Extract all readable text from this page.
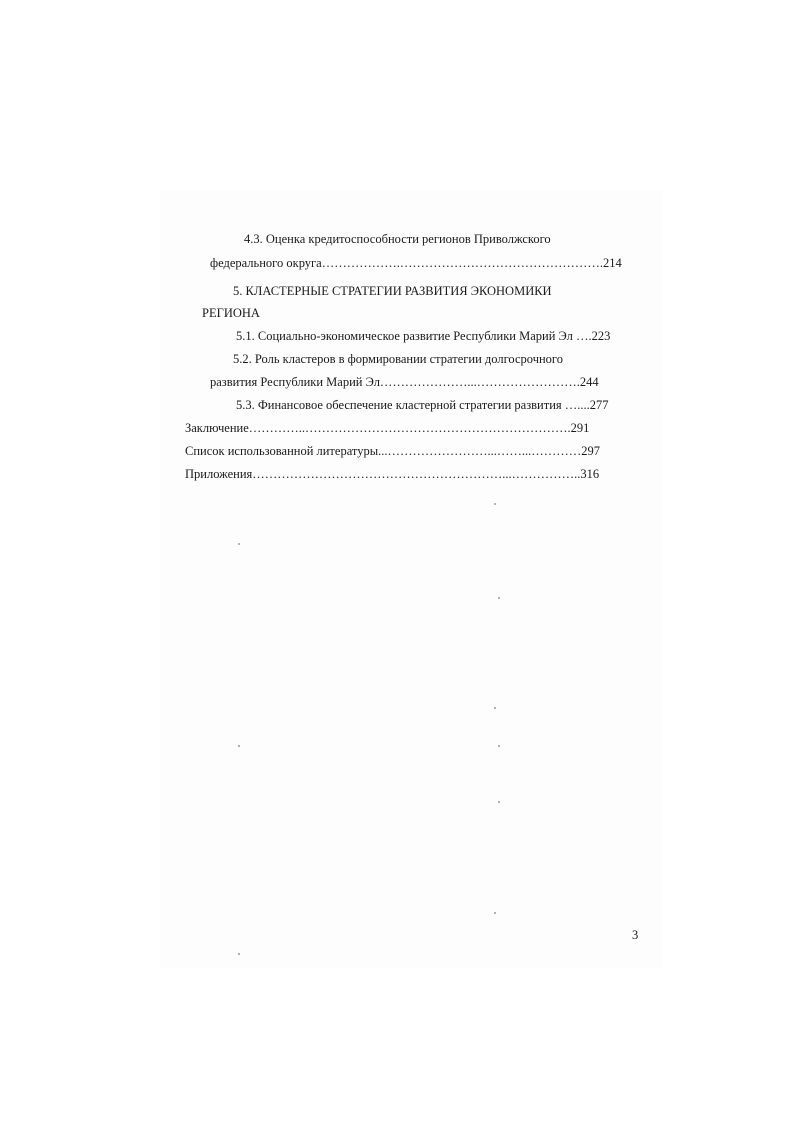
4.3. Оценка кредитоспособности регионов Приволжского
федерального округа……………….………………………………………….214
5. КЛАСТЕРНЫЕ СТРАТЕГИИ РАЗВИТИЯ ЭКОНОМИКИ
РЕГИОНА
5.1. Социально-экономическое развитие Республики Марий Эл ….223
5.2. Роль кластеров в формировании стратегии долгосрочного
развития Республики Марий Эл…………………...…………………….244
5.3. Финансовое обеспечение кластерной стратегии развития …....277
Заключение…………..……………………………………………………….291
Список использованной литературы...……………………...……...…………297
Приложения……………………………………………………...……………..316
3
